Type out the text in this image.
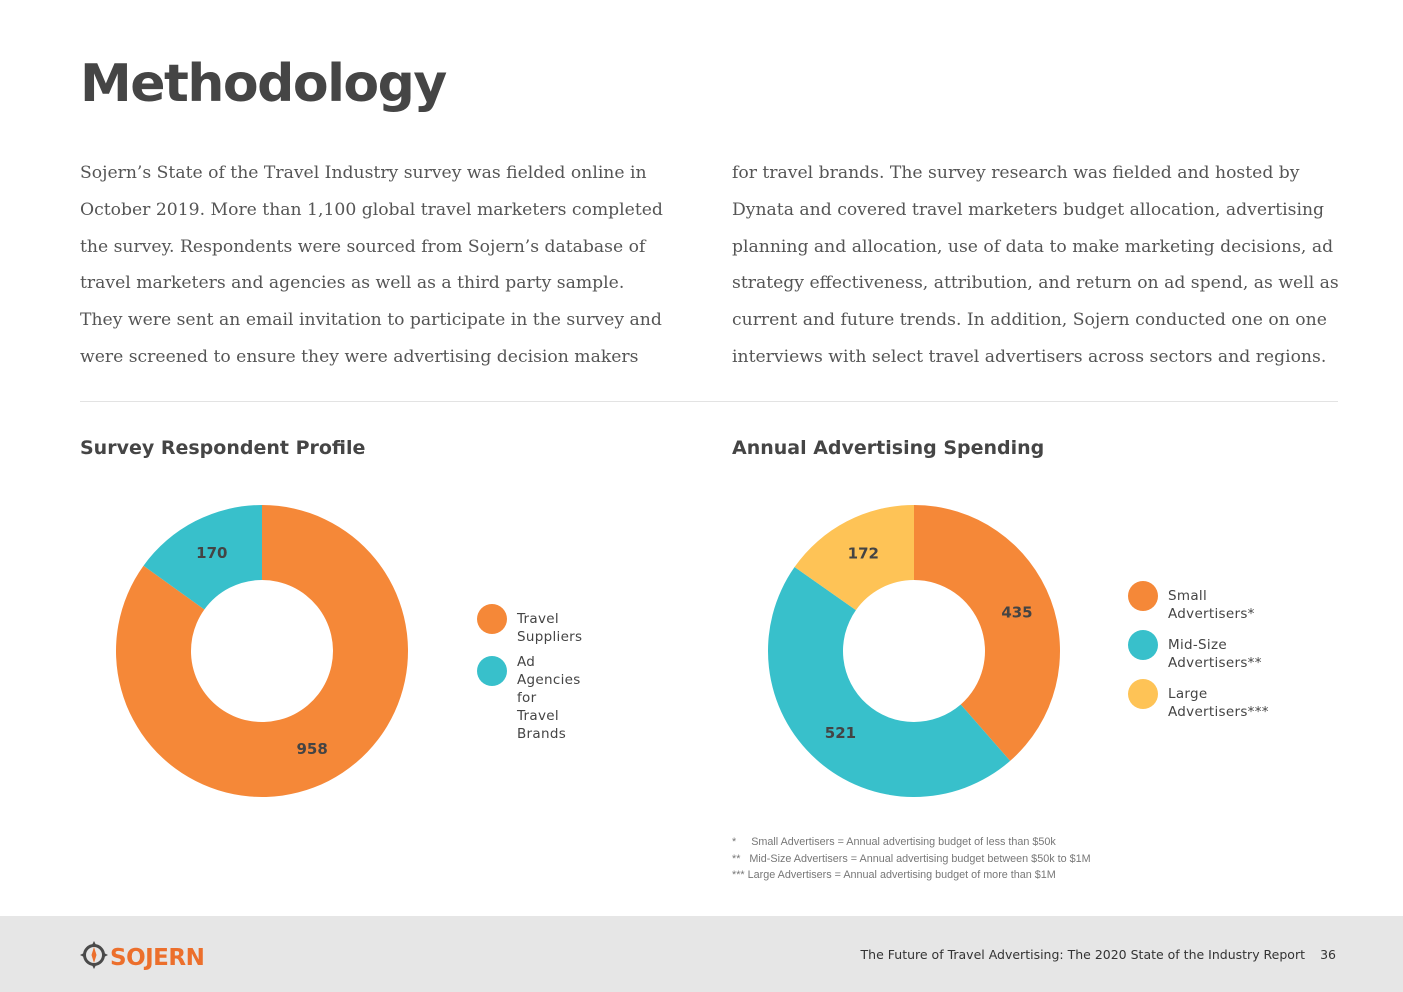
Methodology
Sojern’s State of the Travel Industry survey was fielded online in
October 2019. More than 1,100 global travel marketers completed
the survey. Respondents were sourced from Sojern’s database of
travel marketers and agencies as well as a third party sample.
They were sent an email invitation to participate in the survey and
were screened to ensure they were advertising decision makers
for travel brands. The survey research was fielded and hosted by
Dynata and covered travel marketers budget allocation, advertising
planning and allocation, use of data to make marketing decisions, ad
strategy effectiveness, attribution, and return on ad spend, as well as
current and future trends. In addition, Sojern conducted one on one
interviews with select travel advertisers across sectors and regions.
Survey Respondent Profile	Annual Advertising Spending
958
170
435
521
172
Travel Suppliers
Ad Agencies
for Travel Brands
Small Advertisers*
Mid-Size Advertisers**
Large Advertisers***
*     Small Advertisers = Annual advertising budget of less than $50k
**   Mid-Size Advertisers = Annual advertising budget between $50k to $1M
*** Large Advertisers = Annual advertising budget of more than $1M
SOJERN	The Future of Travel Advertising: The 2020 State of the Industry Report 36
